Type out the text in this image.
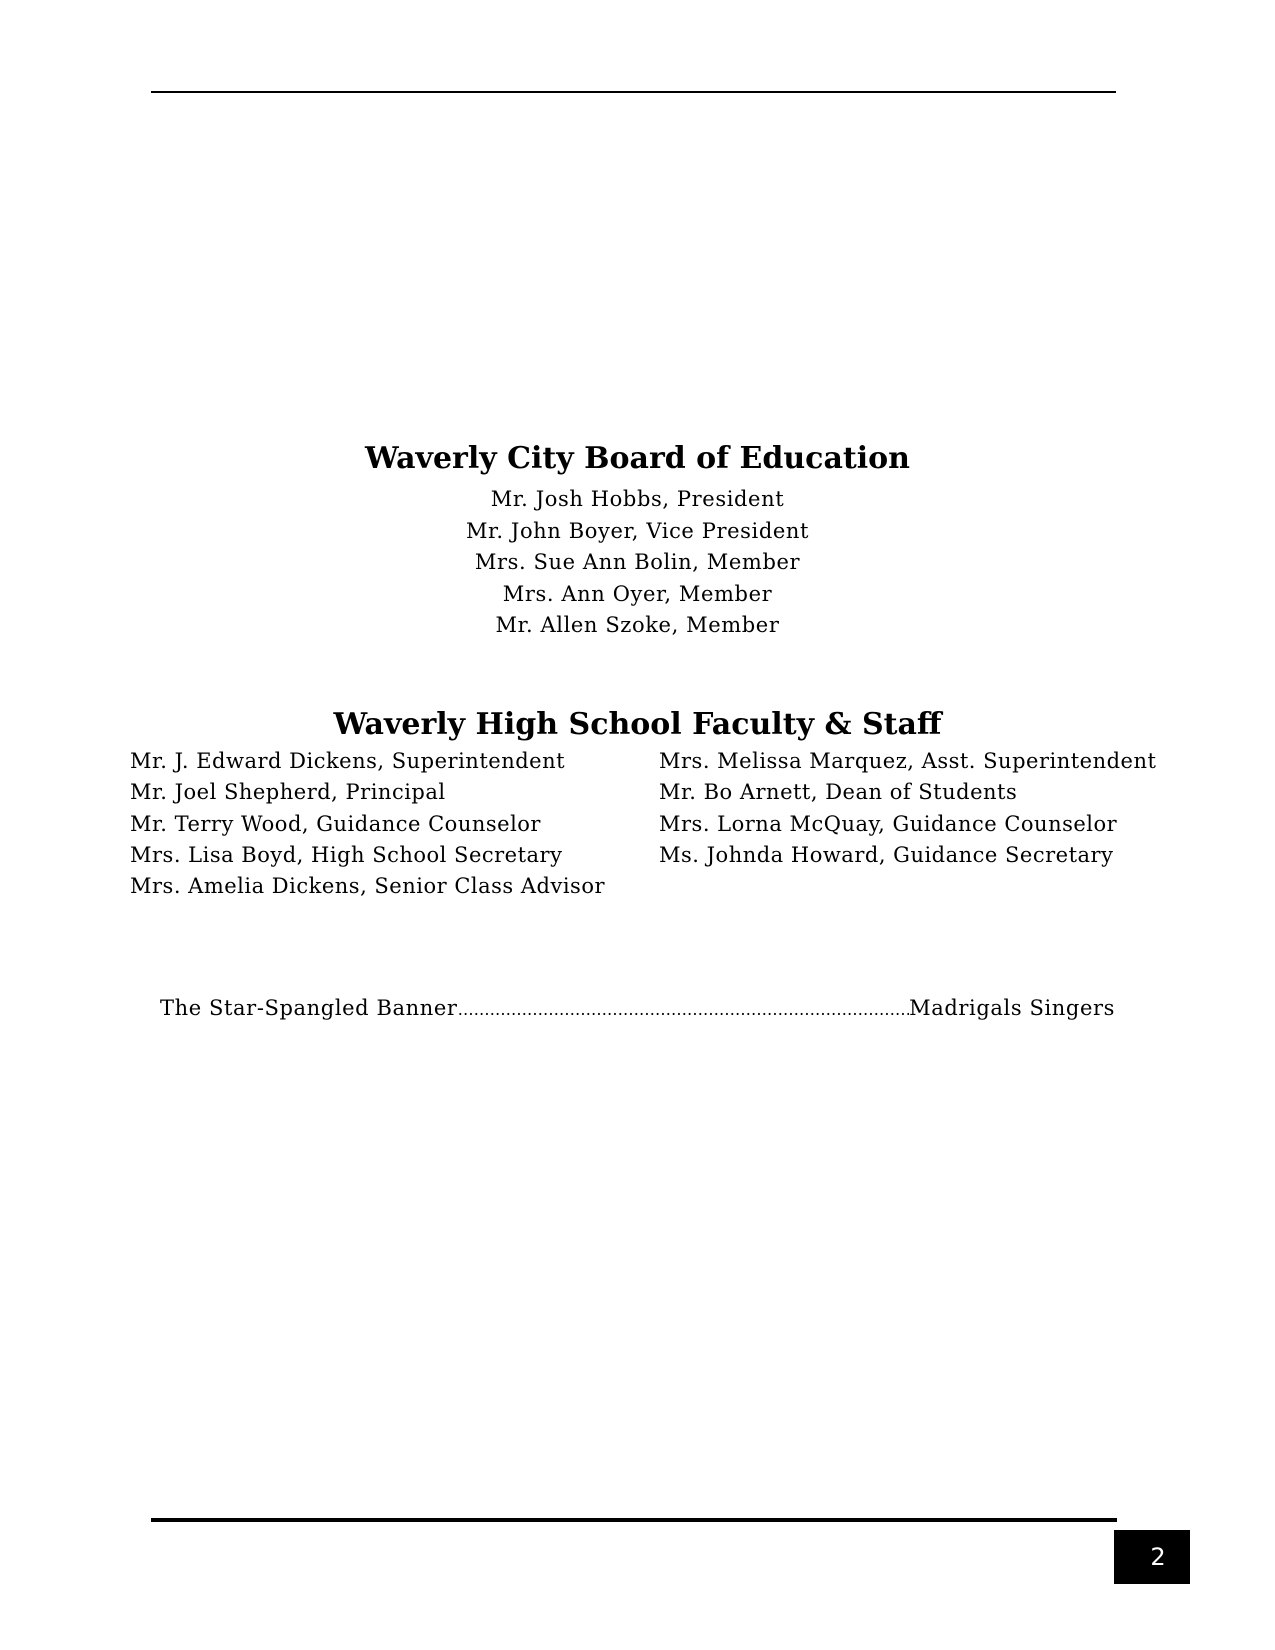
Waverly City Board of Education
Mr. Josh Hobbs, President
Mr. John Boyer, Vice President
Mrs. Sue Ann Bolin, Member
Mrs. Ann Oyer, Member
Mr. Allen Szoke, Member
Waverly High School Faculty & Staff
Mr. J. Edward Dickens, Superintendent
Mr. Joel Shepherd, Principal
Mr. Terry Wood, Guidance Counselor
Mrs. Lisa Boyd, High School Secretary
Mrs. Amelia Dickens, Senior Class Advisor
Mrs. Melissa Marquez, Asst. Superintendent
Mr. Bo Arnett, Dean of Students
Mrs. Lorna McQuay, Guidance Counselor
Ms. Johnda Howard, Guidance Secretary
The Star-Spangled Banner
……………………………………………………………………………………………………………………………………………	Madrigals Singers
2
